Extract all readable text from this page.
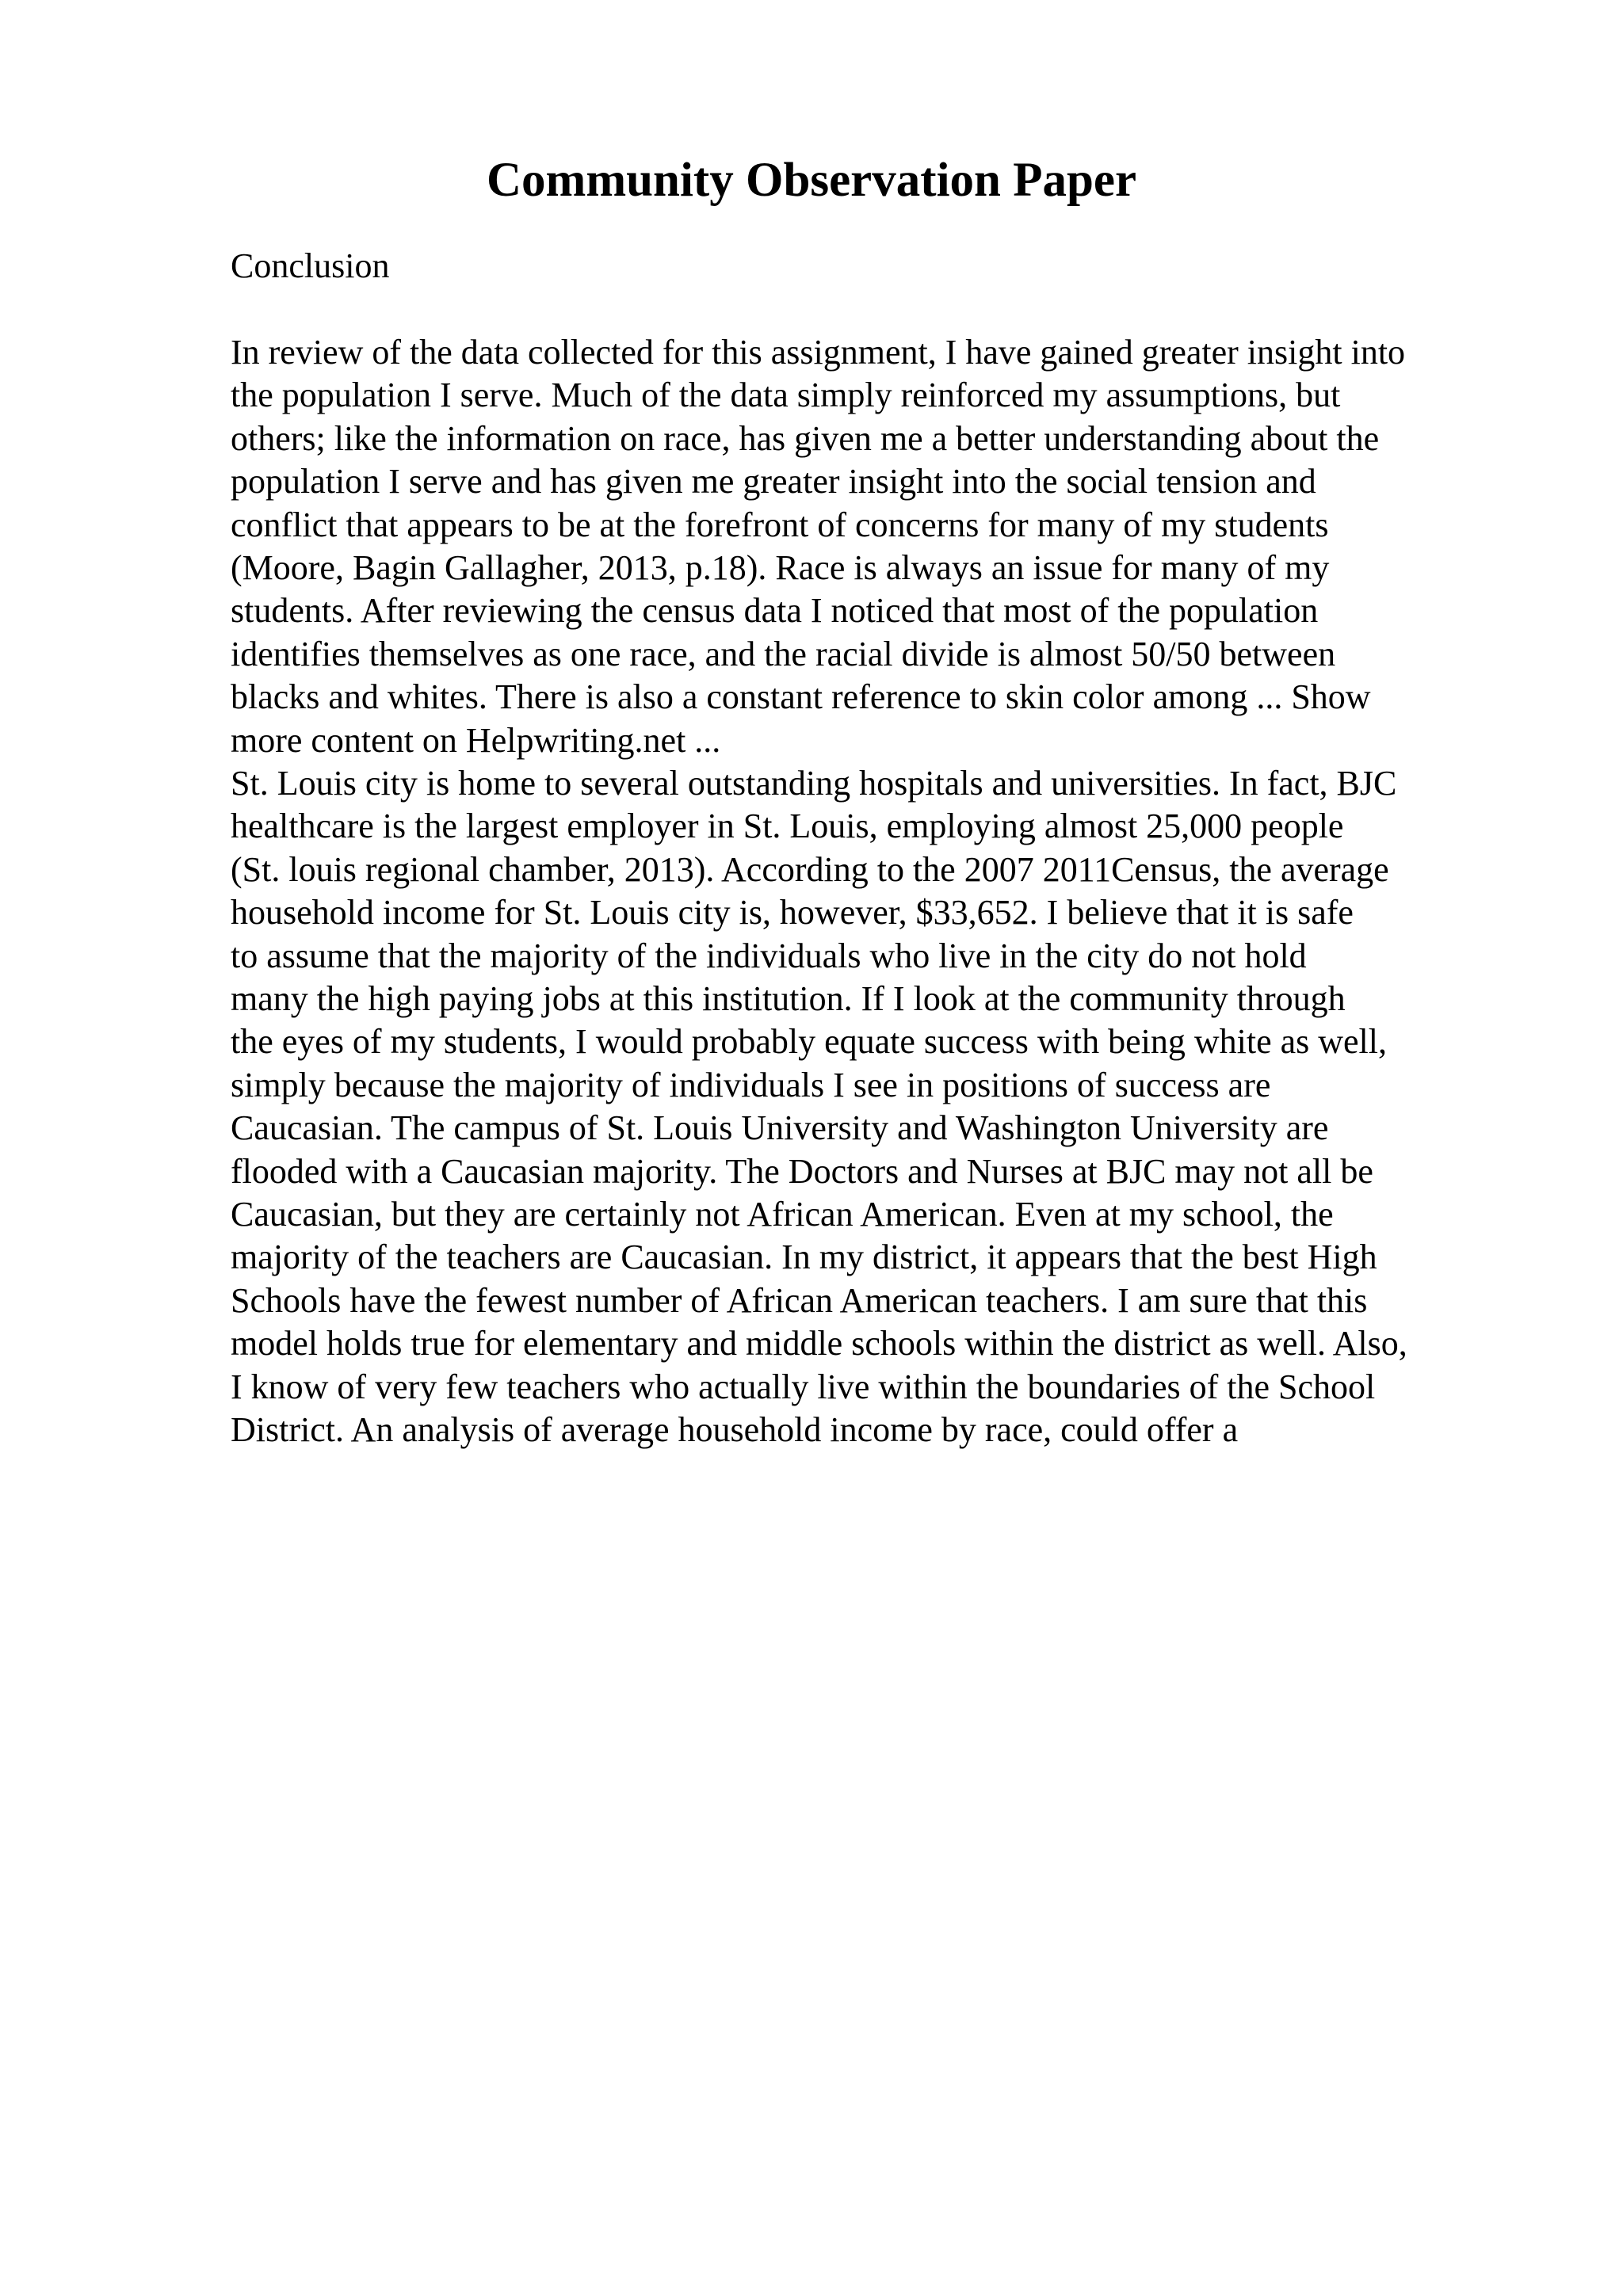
Community Observation Paper

Conclusion

In review of the data collected for this assignment, I have gained greater insight into
the population I serve. Much of the data simply reinforced my assumptions, but
others; like the information on race, has given me a better understanding about the
population I serve and has given me greater insight into the social tension and
conflict that appears to be at the forefront of concerns for many of my students
(Moore, Bagin Gallagher, 2013, p.18). Race is always an issue for many of my
students. After reviewing the census data I noticed that most of the population
identifies themselves as one race, and the racial divide is almost 50/50 between
blacks and whites. There is also a constant reference to skin color among ... Show
more content on Helpwriting.net ...

St. Louis city is home to several outstanding hospitals and universities. In fact, BJC
healthcare is the largest employer in St. Louis, employing almost 25,000 people
(St. louis regional chamber, 2013). According to the 2007 2011Census, the average
household income for St. Louis city is, however, $33,652. I believe that it is safe
to assume that the majority of the individuals who live in the city do not hold
many the high paying jobs at this institution. If I look at the community through
the eyes of my students, I would probably equate success with being white as well,
simply because the majority of individuals I see in positions of success are
Caucasian. The campus of St. Louis University and Washington University are
flooded with a Caucasian majority. The Doctors and Nurses at BJC may not all be
Caucasian, but they are certainly not African American. Even at my school, the
majority of the teachers are Caucasian. In my district, it appears that the best High
Schools have the fewest number of African American teachers. I am sure that this
model holds true for elementary and middle schools within the district as well. Also,
I know of very few teachers who actually live within the boundaries of the School
District. An analysis of average household income by race, could offer a
